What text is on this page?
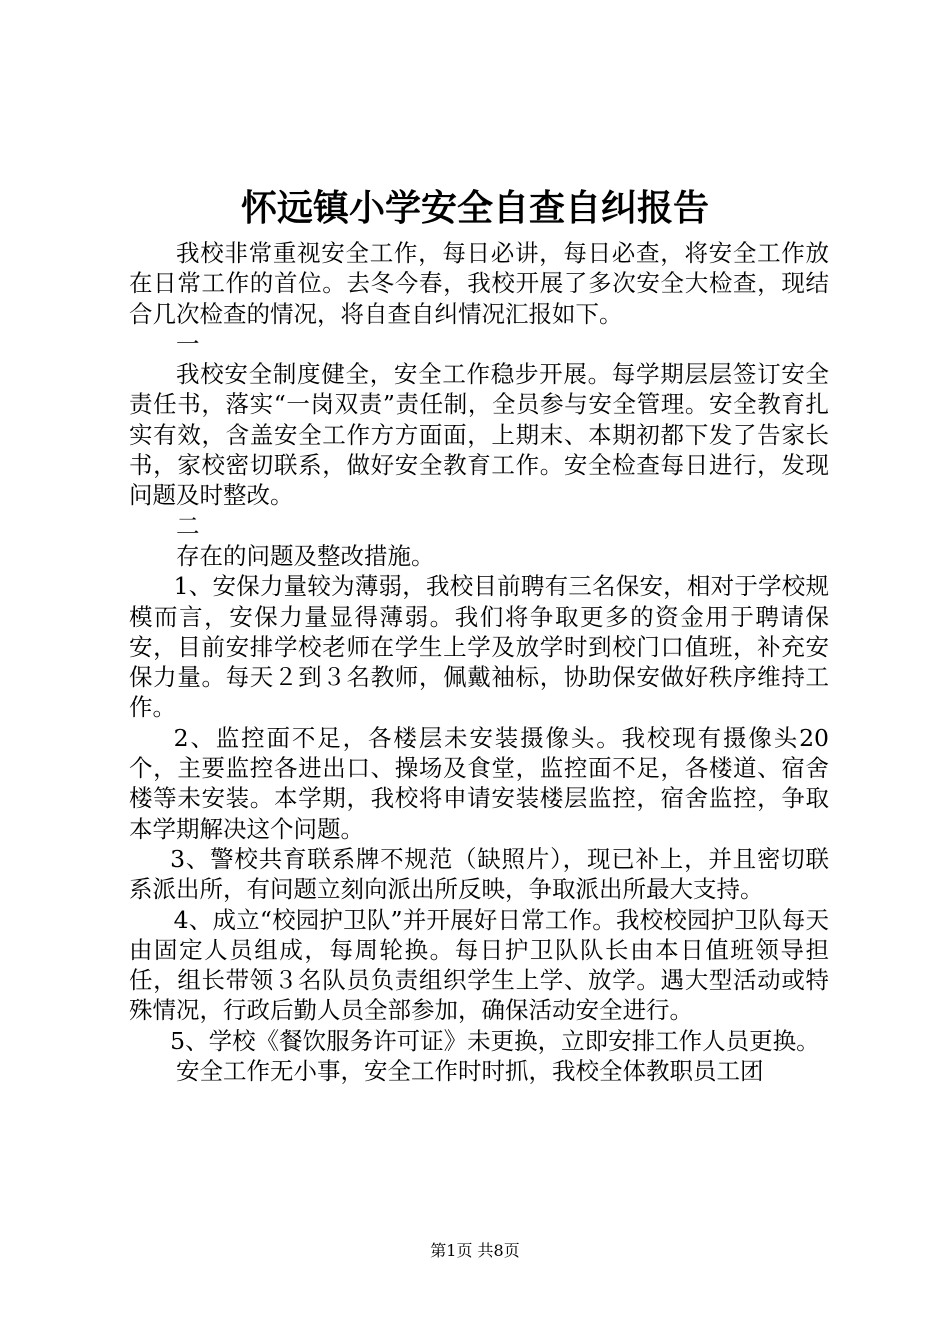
怀远镇小学安全自查自纠报告

我校非常重视安全工作，每日必讲，每日必查，将安全工作放在日常工作的首位。去冬今春，我校开展了多次安全大检查，现结合几次检查的情况，将自查自纠情况汇报如下。

一

我校安全制度健全，安全工作稳步开展。每学期层层签订安全责任书，落实“一岗双责”责任制，全员参与安全管理。安全教育扎实有效，含盖安全工作方方面面，上期末、本期初都下发了告家长书，家校密切联系，做好安全教育工作。安全检查每日进行，发现问题及时整改。

二

存在的问题及整改措施。

1、安保力量较为薄弱，我校目前聘有三名保安，相对于学校规模而言，安保力量显得薄弱。我们将争取更多的资金用于聘请保安，目前安排学校老师在学生上学及放学时到校门口值班，补充安保力量。每天２到３名教师，佩戴袖标，协助保安做好秩序维持工作。

2、监控面不足，各楼层未安装摄像头。我校现有摄像头20个，主要监控各进出口、操场及食堂，监控面不足，各楼道、宿舍楼等未安装。本学期，我校将申请安装楼层监控，宿舍监控，争取本学期解决这个问题。

3、警校共育联系牌不规范（缺照片），现已补上，并且密切联系派出所，有问题立刻向派出所反映，争取派出所最大支持。

4、成立“校园护卫队”并开展好日常工作。我校校园护卫队每天由固定人员组成，每周轮换。每日护卫队队长由本日值班领导担任，组长带领３名队员负责组织学生上学、放学。遇大型活动或特殊情况，行政后勤人员全部参加，确保活动安全进行。

5、学校《餐饮服务许可证》未更换，立即安排工作人员更换。

安全工作无小事，安全工作时时抓，我校全体教职员工团

第1页 共8页
